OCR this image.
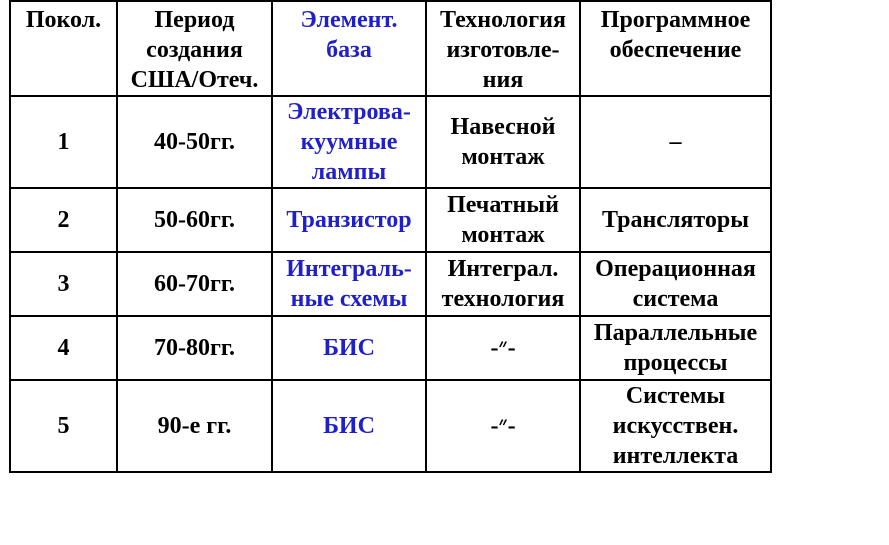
Покол.	Период создания США/Отеч.	Элемент. база	Технология изготовле-ния	Программное обеспечение
1	40-50гг.	Электрова-куумные лампы	Навесной монтаж	–
2	50-60гг.	Транзистор	Печатный монтаж	Трансляторы
3	60-70гг.	Интеграль-ные схемы	Интеграл. технология	Операционная система
4	70-80гг.	БИС	-״-	Параллельные процессы
5	90-е гг.	БИС	-״-	Системы искусствен. интеллекта
